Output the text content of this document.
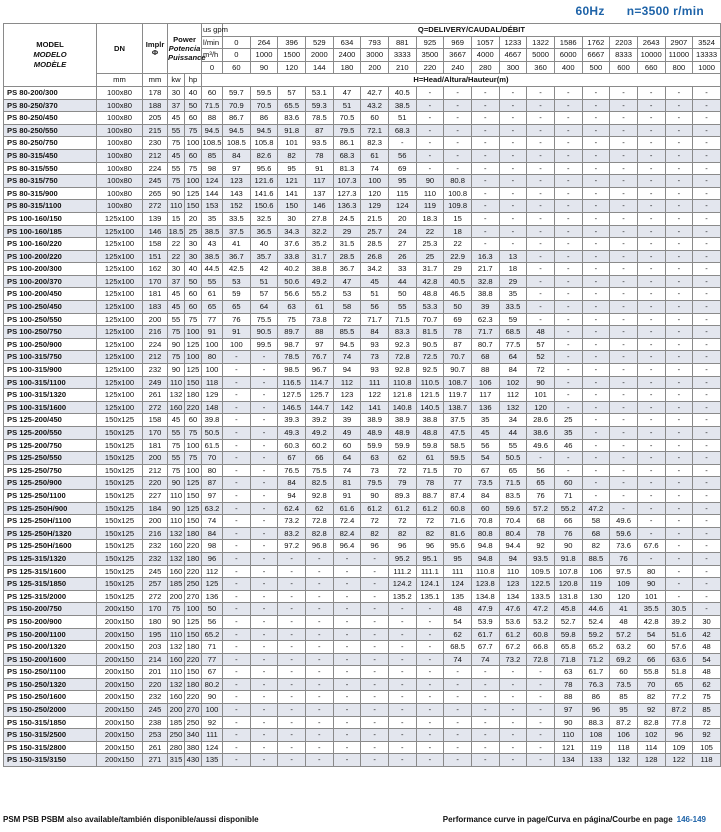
60Hz n=3500 r/min
MODEL
MODELO
MODÈLE	DN	Implr
Φ	Power
Potencia
Puissance		us gpm	Q=DELIVERY/CAUDAL/DÉBIT																		
					l/min	0	264	396	529	634	793	881	925	969	1057	1233	1322	1586	1762	2203	2643	2907	3524	
					m³/h	0	1000	1500	2000	2400	3000	3333	3500	3667	4000	4667	5000	6000	6667	8333	10000	11000	13333	
					0	60	90	120	144	180	200	210	220	240	280	300	360	400	500	600	660	800	1000	
	mm	mm	kw	hp	H=Head/Altura/Hauteur(m)																			
PS 80-200/300	100x80	178	30	40	60	59.7	59.5	57	53.1	47	42.7	40.5	-	-	-	-	-	-	-	-	-	-	-	
PS 80-250/370	100x80	188	37	50	71.5	70.9	70.5	65.5	59.3	51	43.2	38.5	-	-	-	-	-	-	-	-	-	-	-	
PS 80-250/450	100x80	205	45	60	88	86.7	86	83.6	78.5	70.5	60	51	-	-	-	-	-	-	-	-	-	-	-	
PS 80-250/550	100x80	215	55	75	94.5	94.5	94.5	91.8	87	79.5	72.1	68.3	-	-	-	-	-	-	-	-	-	-	-	
PS 80-250/750	100x80	230	75	100	108.5	108.5	105.8	101	93.5	86.1	82.3	-	-	-	-	-	-	-	-	-	-	-	-	
PS 80-315/450	100x80	212	45	60	85	84	82.6	82	78	68.3	61	56	-	-	-	-	-	-	-	-	-	-	-	
PS 80-315/550	100x80	224	55	75	98	97	95.6	95	91	81.3	74	69	-	-	-	-	-	-	-	-	-	-	-	
PS 80-315/750	100x80	245	75	100	124	123	121.6	121	117	107.3	100	95	90	80.8	-	-	-	-	-	-	-	-	-	
PS 80-315/900	100x80	265	90	125	144	143	141.6	141	137	127.3	120	115	110	100.8	-	-	-	-	-	-	-	-	-	
PS 80-315/1100	100x80	272	110	150	153	152	150.6	150	146	136.3	129	124	119	109.8	-	-	-	-	-	-	-	-	-	
PS 100-160/150	125x100	139	15	20	35	33.5	32.5	30	27.8	24.5	21.5	20	18.3	15	-	-	-	-	-	-	-	-	-	
PS 100-160/185	125x100	146	18.5	25	38.5	37.5	36.5	34.3	32.2	29	25.7	24	22	18	-	-	-	-	-	-	-	-	-	
PS 100-160/220	125x100	158	22	30	43	41	40	37.6	35.2	31.5	28.5	27	25.3	22	-	-	-	-	-	-	-	-	-	
PS 100-200/220	125x100	151	22	30	38.5	36.7	35.7	33.8	31.7	28.5	26.8	26	25	22.9	16.3	13	-	-	-	-	-	-	-	
PS 100-200/300	125x100	162	30	40	44.5	42.5	42	40.2	38.8	36.7	34.2	33	31.7	29	21.7	18	-	-	-	-	-	-	-	
PS 100-200/370	125x100	170	37	50	55	53	51	50.6	49.2	47	45	44	42.8	40.5	32.8	29	-	-	-	-	-	-	-	
PS 100-200/450	125x100	181	45	60	61	59	57	56.6	55.2	53	51	50	48.8	46.5	38.8	35	-	-	-	-	-	-	-	
PS 100-250/450	125x100	183	45	60	65	65	64	63	61	58	56	55	53.3	50	39	33.5	-	-	-	-	-	-	-	
PS 100-250/550	125x100	200	55	75	77	76	75.5	75	73.8	72	71.7	71.5	70.7	69	62.3	59	-	-	-	-	-	-	-	
PS 100-250/750	125x100	216	75	100	91	91	90.5	89.7	88	85.5	84	83.3	81.5	78	71.7	68.5	48	-	-	-	-	-	-	
PS 100-250/900	125x100	224	90	125	100	100	99.5	98.7	97	94.5	93	92.3	90.5	87	80.7	77.5	57	-	-	-	-	-	-	
PS 100-315/750	125x100	212	75	100	80	-	-	78.5	76.7	74	73	72.8	72.5	70.7	68	64	52	-	-	-	-	-	-	
PS 100-315/900	125x100	232	90	125	100	-	-	98.5	96.7	94	93	92.8	92.5	90.7	88	84	72	-	-	-	-	-	-	
PS 100-315/1100	125x100	249	110	150	118	-	-	116.5	114.7	112	111	110.8	110.5	108.7	106	102	90	-	-	-	-	-	-	
PS 100-315/1320	125x100	261	132	180	129	-	-	127.5	125.7	123	122	121.8	121.5	119.7	117	112	101	-	-	-	-	-	-	
PS 100-315/1600	125x100	272	160	220	148	-	-	146.5	144.7	142	141	140.8	140.5	138.7	136	132	120	-	-	-	-	-	-	
PS 125-200/450	150x125	158	45	60	39.8	-	-	39.3	39.2	39	38.9	38.9	38.8	37.5	35	34	28.6	25	-	-	-	-	-	
PS 125-200/550	150x125	170	55	75	50.5	-	-	49.3	49.2	49	48.9	48.9	48.8	47.5	45	44	38.6	35	-	-	-	-	-	
PS 125-200/750	150x125	181	75	100	61.5	-	-	60.3	60.2	60	59.9	59.9	59.8	58.5	56	55	49.6	46	-	-	-	-	-	
PS 125-250/550	150x125	200	55	75	70	-	-	67	66	64	63	62	61	59.5	54	50.5	-	-	-	-	-	-	-	
PS 125-250/750	150x125	212	75	100	80	-	-	76.5	75.5	74	73	72	71.5	70	67	65	56	-	-	-	-	-	-	
PS 125-250/900	150x125	220	90	125	87	-	-	84	82.5	81	79.5	79	78	77	73.5	71.5	65	60	-	-	-	-	-	
PS 125-250/1100	150x125	227	110	150	97	-	-	94	92.8	91	90	89.3	88.7	87.4	84	83.5	76	71	-	-	-	-	-	
PS 125-250H/900	150x125	184	90	125	63.2	-	-	62.4	62	61.6	61.2	61.2	61.2	60.8	60	59.6	57.2	55.2	47.2	-	-	-	-	
PS 125-250H/1100	150x125	200	110	150	74	-	-	73.2	72.8	72.4	72	72	72	71.6	70.8	70.4	68	66	58	49.6	-	-	-	
PS 125-250H/1320	150x125	216	132	180	84	-	-	83.2	82.8	82.4	82	82	82	81.6	80.8	80.4	78	76	68	59.6	-	-	-	
PS 125-250H/1600	150x125	232	160	220	98	-	-	97.2	96.8	96.4	96	96	96	95.6	94.8	94.4	92	90	82	73.6	67.6	-	-	
PS 125-315/1320	150x125	232	132	180	96	-	-	-	-	-	-	95.2	95.1	95	94.8	94	93.5	91.8	88.5	76	-	-	-	
PS 125-315/1600	150x125	245	160	220	112	-	-	-	-	-	-	111.2	111.1	111	110.8	110	109.5	107.8	106	97.5	80	-	-	
PS 125-315/1850	150x125	257	185	250	125	-	-	-	-	-	-	124.2	124.1	124	123.8	123	122.5	120.8	119	109	90	-	-	
PS 125-315/2000	150x125	272	200	270	136	-	-	-	-	-	-	135.2	135.1	135	134.8	134	133.5	131.8	130	120	101	-	-	
PS 150-200/750	200x150	170	75	100	50	-	-	-	-	-	-	-	-	48	47.9	47.6	47.2	45.8	44.6	41	35.5	30.5	-	
PS 150-200/900	200x150	180	90	125	56	-	-	-	-	-	-	-	-	54	53.9	53.6	53.2	52.7	52.4	48	42.8	39.2	30	
PS 150-200/1100	200x150	195	110	150	65.2	-	-	-	-	-	-	-	-	62	61.7	61.2	60.8	59.8	59.2	57.2	54	51.6	42	
PS 150-200/1320	200x150	203	132	180	71	-	-	-	-	-	-	-	-	68.5	67.7	67.2	66.8	65.8	65.2	63.2	60	57.6	48	
PS 150-200/1600	200x150	214	160	220	77	-	-	-	-	-	-	-	-	74	74	73.2	72.8	71.8	71.2	69.2	66	63.6	54	
PS 150-250/1100	200x150	201	110	150	67	-	-	-	-	-	-	-	-	-	-	-	-	63	61.7	60	55.8	51.8	48	
PS 150-250/1320	200x150	220	132	180	80.2	-	-	-	-	-	-	-	-	-	-	-	-	78	76.3	73.5	70	65	62	
PS 150-250/1600	200x150	232	160	220	90	-	-	-	-	-	-	-	-	-	-	-	-	88	86	85	82	77.2	75	
PS 150-250/2000	200x150	245	200	270	100	-	-	-	-	-	-	-	-	-	-	-	-	97	96	95	92	87.2	85	
PS 150-315/1850	200x150	238	185	250	92	-	-	-	-	-	-	-	-	-	-	-	-	90	88.3	87.2	82.8	77.8	72	
PS 150-315/2500	200x150	253	250	340	111	-	-	-	-	-	-	-	-	-	-	-	-	110	108	106	102	96	92	
PS 150-315/2800	200x150	261	280	380	124	-	-	-	-	-	-	-	-	-	-	-	-	121	119	118	114	109	105	
PS 150-315/3150	200x150	271	315	430	135	-	-	-	-	-	-	-	-	-	-	-	-	134	133	132	128	122	118	
PSM PSB PSBM also available/también disponible/aussi disponible	Performance curve in page/Curva en página/Courbe en page 146-149
